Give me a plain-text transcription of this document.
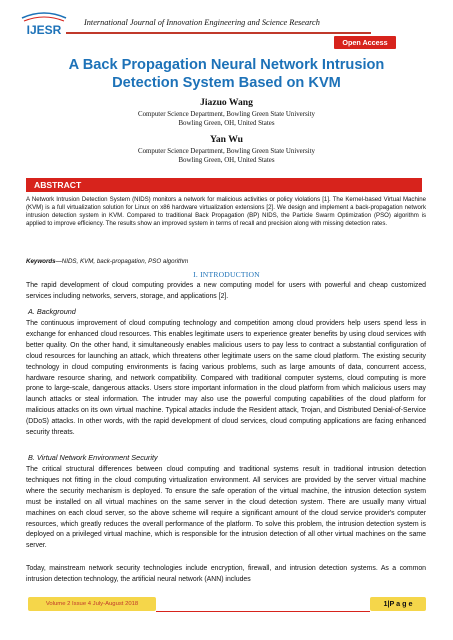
IJESR
International Journal of Innovation Engineering and Science Research
Open Access
A Back Propagation Neural Network Intrusion
Detection System Based on KVM
Jiazuo Wang
Computer Science Department, Bowling Green State University
Bowling Green, OH, United States
Yan Wu
Computer Science Department, Bowling Green State University
Bowling Green, OH, United States
ABSTRACT
A Network Intrusion Detection System (NIDS) monitors a network for malicious activities or policy violations [1]. The Kernel-based Virtual Machine (KVM) is a full virtualization solution for Linux on x86 hardware virtualization extensions [2]. We design and implement a back-propagation network intrusion detection system in KVM. Compared to traditional Back Propagation (BP) NIDS, the Particle Swarm Optimization (PSO) algorithm is applied to improve efficiency. The results show an improved system in terms of recall and precision along with missing detection rates.
Keywords—NIDS, KVM, back-propagation, PSO algorithm
I. INTRODUCTION
The rapid development of cloud computing provides a new computing model for users with powerful and cheap customized services including networks, servers, storage, and applications [2].
A. Background
The continuous improvement of cloud computing technology and competition among cloud providers help users spend less in exchange for enhanced cloud resources. This enables legitimate users to experience greater benefits by using cloud services with better quality. On the other hand, it simultaneously enables malicious users to pay less to contract a substantial configuration of cloud resources for launching an attack, which threatens other legitimate users on the same cloud platform. The existing security technology in cloud computing environments is facing various problems, such as large amounts of data, concurrent access, hardware resource sharing, and network compatibility. Compared with traditional computer systems, cloud computing is more prone to large-scale, dangerous attacks. Users store important information in the cloud platform from which malicious users may launch attacks or steal information. The intruder may also use the powerful computing capabilities of the cloud platform for malicious attacks on its own virtual machine. Typical attacks include the Resident attack, Trojan, and Distributed Denial-of-Service (DDoS) attacks. In other words, with the rapid development of cloud services, cloud computing applications are facing enhanced security threats.
B. Virtual Network Environment Security
The critical structural differences between cloud computing and traditional systems result in traditional intrusion detection techniques not fitting in the cloud computing virtualization environment. All services are provided by the server virtual machine where the security mechanism is deployed. To ensure the safe operation of the virtual machine, the intrusion detection system must be installed on all virtual machines on the same server in the cloud detection system. There are usually many virtual machines on each cloud server, so the above scheme will require a significant amount of the cloud service provider's computer resources, which greatly reduces the overall performance of the platform. To solve this problem, the intrusion detection system is deployed on a privileged virtual machine, which is responsible for the intrusion detection of all other virtual machines on the same server.
Today, mainstream network security technologies include encryption, firewall, and intrusion detection systems. As a common intrusion detection technology, the artificial neural network (ANN) includes
Volume 2 Issue 4 July-August 2018	1|P a g e
